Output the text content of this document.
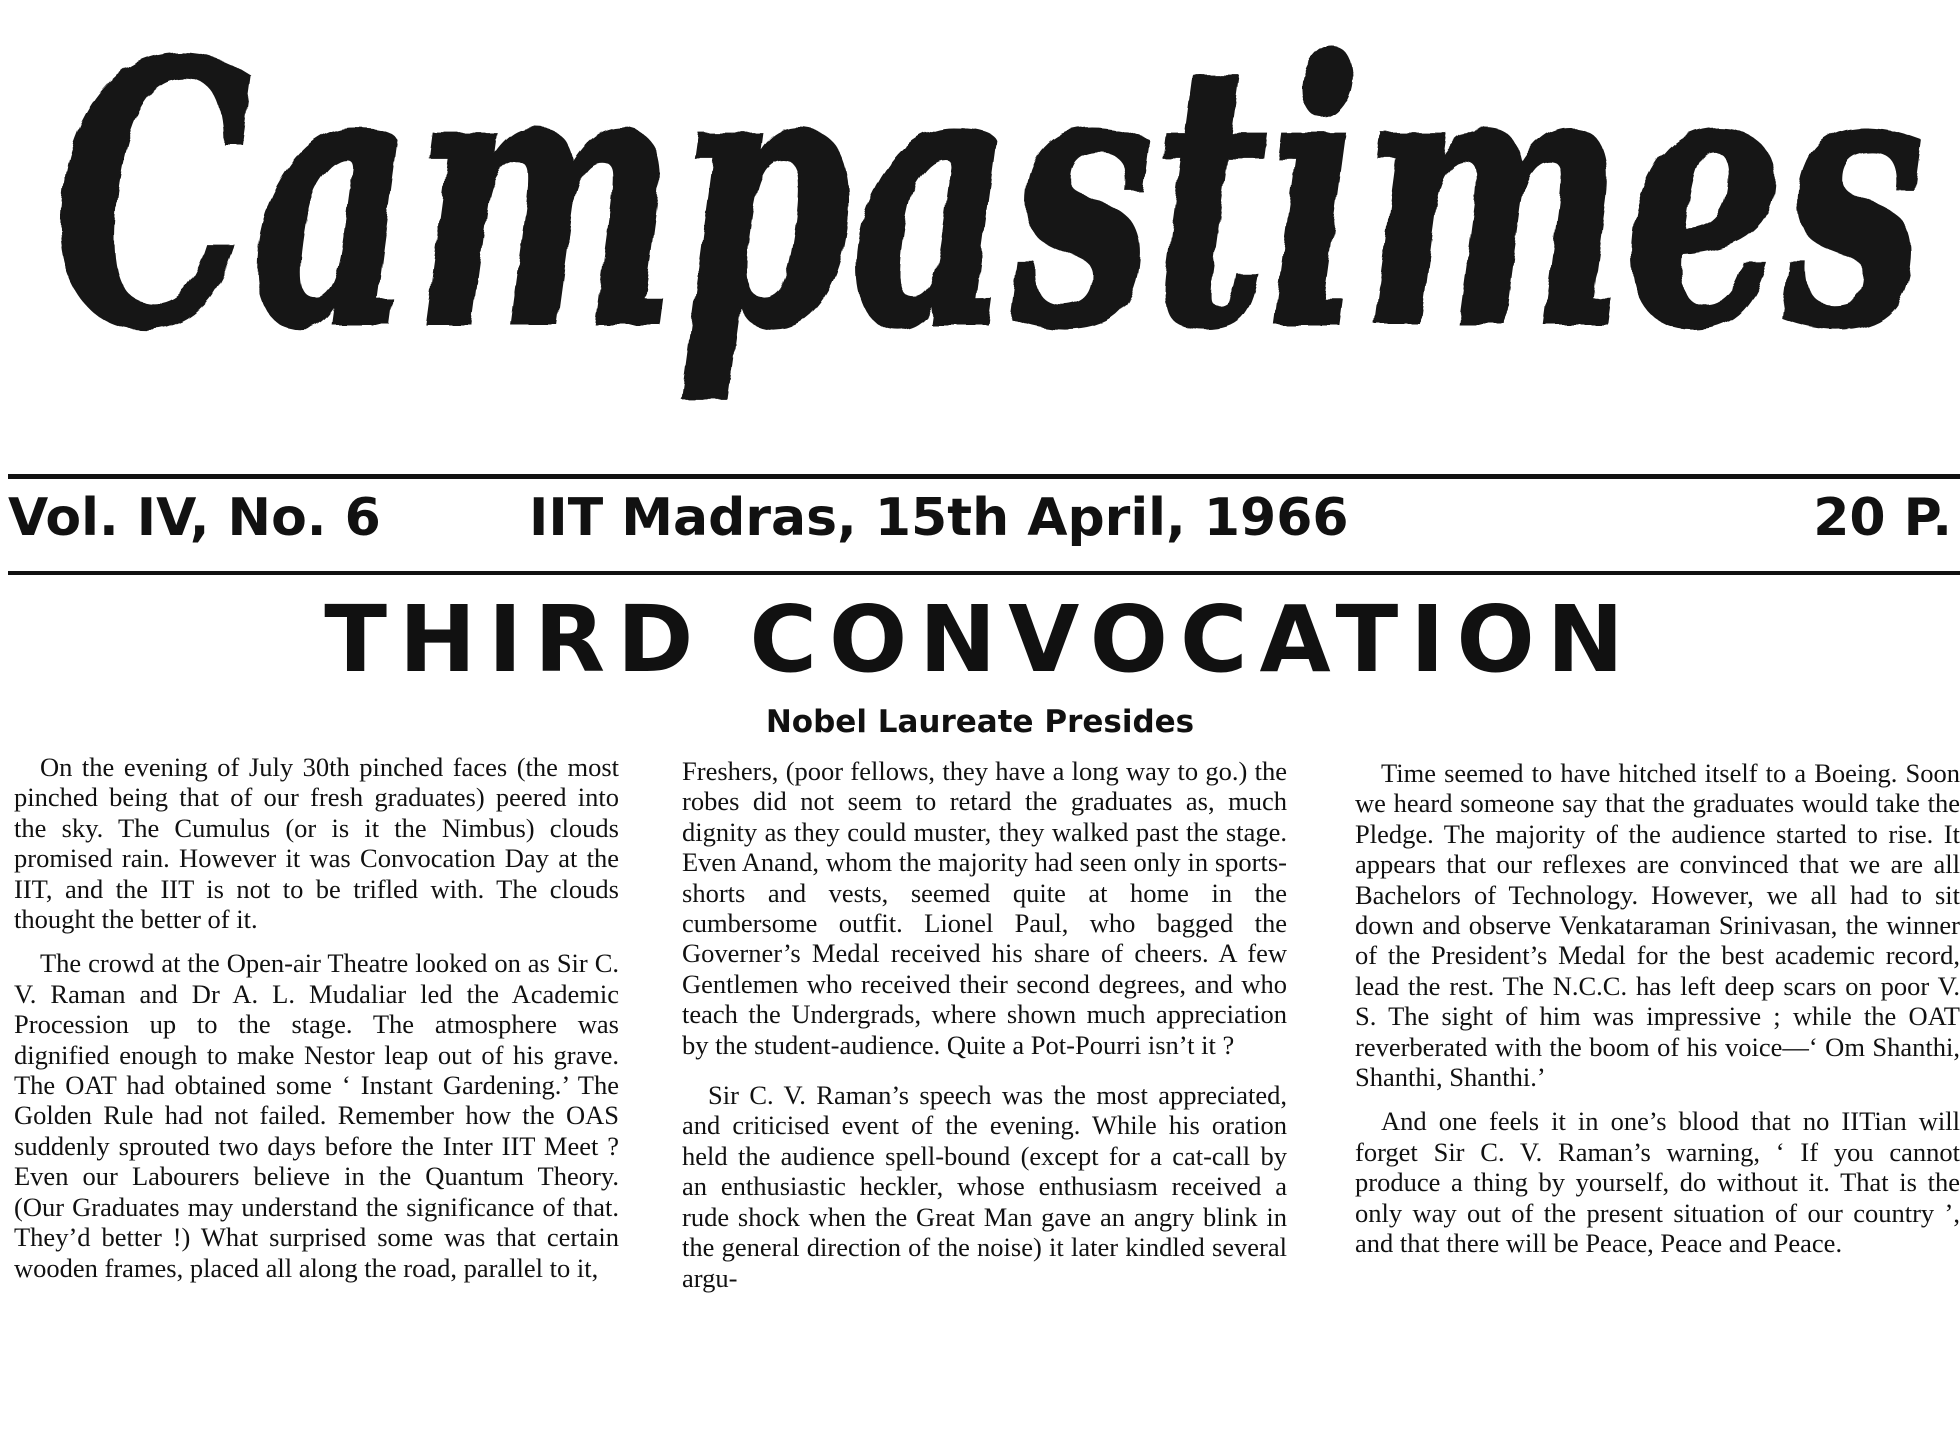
Campastimes
Vol. IV, No. 6	IIT Madras, 15th April, 1966	20 P.
THIRD CONVOCATION
Nobel Laureate Presides

On the evening of July 30th pinched faces (the most pinched being that of our fresh graduates) peered into the sky. The Cumulus (or is it the Nimbus) clouds promised rain. However it was Convocation Day at the IIT, and the IIT is not to be trifled with. The clouds thought the better of it.

The crowd at the Open-air Theatre looked on as Sir C. V. Raman and Dr A. L. Mudaliar led the Academic Procession up to the stage. The atmosphere was dignified enough to make Nestor leap out of his grave. The OAT had obtained some ‘ Instant Gardening.’ The Golden Rule had not failed. Remember how the OAS suddenly sprouted two days before the Inter IIT Meet ? Even our Labourers believe in the Quantum Theory. (Our Graduates may understand the significance of that. They’d better !) What surprised some was that certain wooden frames, placed all along the road, parallel to it,

Freshers, (poor fellows, they have a long way to go.) the robes did not seem to retard the graduates as, much dignity as they could muster, they walked past the stage. Even Anand, whom the majority had seen only in sports-shorts and vests, seemed quite at home in the cumbersome outfit. Lionel Paul, who bagged the Governer’s Medal received his share of cheers. A few Gentlemen who received their second degrees, and who teach the Undergrads, where shown much appreciation by the student-audience. Quite a Pot-Pourri isn’t it ?

Sir C. V. Raman’s speech was the most appreciated, and criticised event of the evening. While his oration held the audience spell-bound (except for a cat-call by an enthusiastic heckler, whose enthusiasm received a rude shock when the Great Man gave an angry blink in the general direction of the noise) it later kindled several argu-

Time seemed to have hitched itself to a Boeing. Soon we heard someone say that the graduates would take the Pledge. The majority of the audience started to rise. It appears that our reflexes are convinced that we are all Bachelors of Technology. However, we all had to sit down and observe Venkataraman Srinivasan, the winner of the President’s Medal for the best academic record, lead the rest. The N.C.C. has left deep scars on poor V. S. The sight of him was impressive ; while the OAT reverberated with the boom of his voice—‘ Om Shanthi, Shanthi, Shanthi.’

And one feels it in one’s blood that no IITian will forget Sir C. V. Raman’s warning, ‘ If you cannot produce a thing by yourself, do without it. That is the only way out of the present situation of our country ’, and that there will be Peace, Peace and Peace.
